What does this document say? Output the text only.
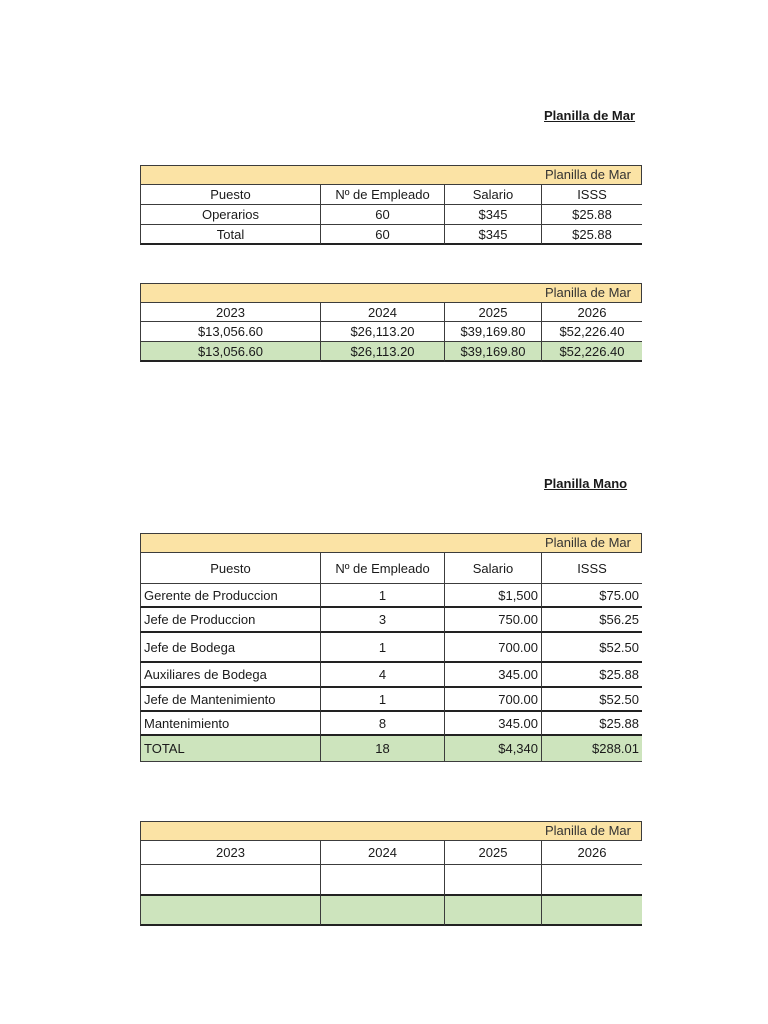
Planilla de Mar
Planilla de Mar
Puesto	Nº de Empleado	Salario	ISSS
Operarios	60	$345	$25.88
Total	60	$345	$25.88
Planilla de Mar
2023	2024	2025	2026
$13,056.60	$26,113.20	$39,169.80	$52,226.40
$13,056.60	$26,113.20	$39,169.80	$52,226.40
Planilla Mano
Planilla de Mar
Puesto	Nº de Empleado	Salario	ISSS
Gerente de Produccion	1	$1,500	$75.00
Jefe de Produccion	3	750.00	$56.25
Jefe de Bodega	1	700.00	$52.50
Auxiliares de Bodega	4	345.00	$25.88
Jefe de Mantenimiento	1	700.00	$52.50
Mantenimiento	8	345.00	$25.88
TOTAL	18	$4,340	$288.01
Planilla de Mar
2023	2024	2025	2026
